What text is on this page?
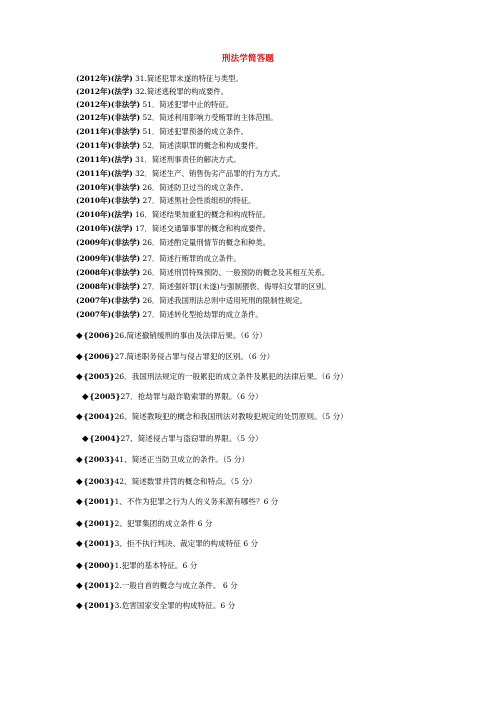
刑法学简答题
(2012年)(法学) 31.简述犯罪未遂的特征与类型。
(2012年)(法学) 32.简述逃税罪的构成要件。
(2012年)(非法学) 51．简述犯罪中止的特征。
(2012年)(非法学) 52．简述利用影响力受贿罪的主体范围。
(2011年)(非法学) 51．简述犯罪预备的成立条件。
(2011年)(非法学) 52．简述渎职罪的概念和构成要件。
(2011年)(法学) 31．简述刑事责任的解决方式。
(2011年)(法学) 32．简述生产、销售伪劣产品罪的行为方式。
(2010年)(非法学) 26．简述防卫过当的成立条件。
(2010年)(非法学) 27．简述黑社会性质组织的特征。
(2010年)(法学) 16．简述结果加重犯的概念和构成特征。
(2010年)(法学) 17．简述交通肇事罪的概念和构成要件。
(2009年)(非法学) 26．简述酌定量刑情节的概念和种类。
(2009年)(非法学) 27．简述行贿罪的成立条件。
(2008年)(非法学) 26．简述刑罚特殊预防、一般预防的概念及其相互关系。
(2008年)(非法学) 27．简述强奸罪[(未遂)与强制猥亵、侮辱妇女罪的区别。
(2007年)(非法学) 26．简述我国刑法总则中适用死刑的限制性规定。
(2007年)(非法学) 27．简述转化型抢劫罪的成立条件。
◆{2006}26.简述撤销缓刑的事由及法律后果。（6 分）
◆{2006}27.简述职务侵占罪与侵占罪犯的区别。（6 分）
◆{2005}26．我国刑法规定的一般累犯的成立条件及累犯的法律后果。（6 分）
◆{2005}27．抢劫罪与敲诈勒索罪的界限。（6 分）
◆{2004}26、简述教唆犯的概念和我国刑法对教唆犯规定的处罚原则。（5 分）
◆{2004}27、简述侵占罪与盗窃罪的界限。（5 分）
◆{2003}41、简述正当防卫成立的条件。（5 分）
◆{2003}42、简述数罪并罚的概念和特点。（5 分）
◆{2001}1、不作为犯罪之行为人的义务来源有哪些？6 分
◆{2001}2、犯罪集团的成立条件 6 分
◆{2001}3、拒不执行判决、裁定罪的构成特征 6 分
◆{2000}1.犯罪的基本特征。6 分
◆{2001}2.一般自首的概念与成立条件。 6 分
◆{2001}3.危害国家安全罪的构成特征。6 分
